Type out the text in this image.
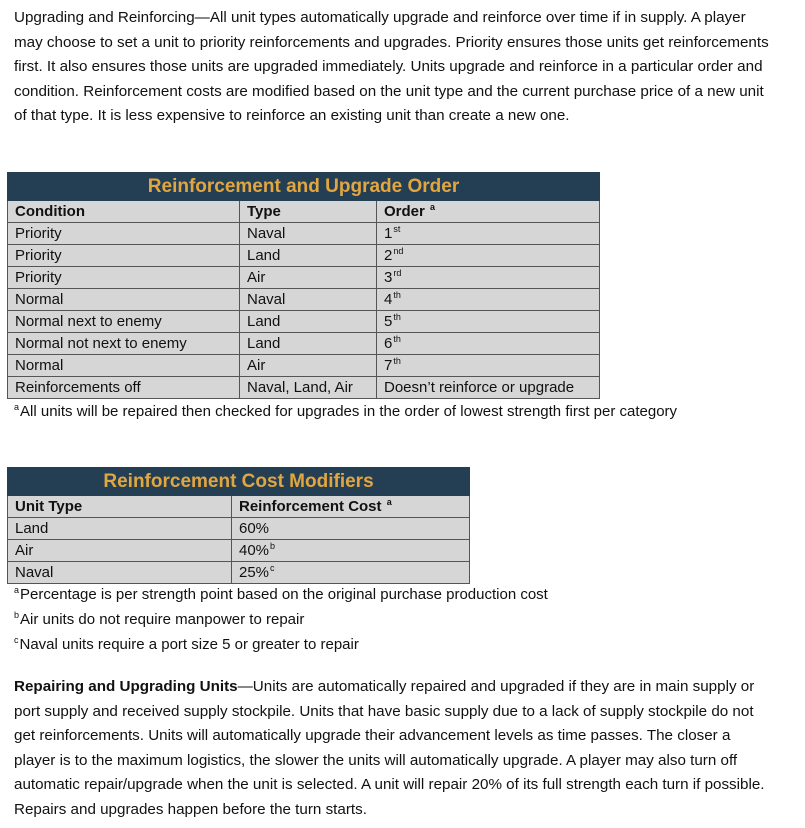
Upgrading and Reinforcing—All unit types automatically upgrade and reinforce over time if in supply. A player may choose to set a unit to priority reinforcements and upgrades. Priority ensures those units get reinforcements first. It also ensures those units are upgraded immediately. Units upgrade and reinforce in a particular order and condition. Reinforcement costs are modified based on the unit type and the current purchase price of a new unit of that type. It is less expensive to reinforce an existing unit than create a new one.

Reinforcement and Upgrade Order		
Condition	Type	Order $^a$
Priority	Naval	1st
Priority	Land	2nd
Priority	Air	3rd
Normal	Naval	4th
Normal next to enemy	Land	5th
Normal not next to enemy	Land	6th
Normal	Air	7th
Reinforcements off	Naval, Land, Air	Doesn’t reinforce or upgrade
$^a$All units will be repaired then checked for upgrades in the order of lowest strength first per category
Reinforcement Cost Modifiers	
Unit Type	Reinforcement Cost $^a$
Land	60%
Air	40%$^b$
Naval	25%$^c$
$^a$Percentage is per strength point based on the original purchase production cost
$^b$Air units do not require manpower to repair
$^c$Naval units require a port size 5 or greater to repair

Repairing and Upgrading Units—Units are automatically repaired and upgraded if they are in main supply or port supply and received supply stockpile. Units that have basic supply due to a lack of supply stockpile do not get reinforcements. Units will automatically upgrade their advancement levels as time passes. The closer a player is to the maximum logistics, the slower the units will automatically upgrade. A player may also turn off automatic repair/upgrade when the unit is selected. A unit will repair 20% of its full strength each turn if possible. Repairs and upgrades happen before the turn starts.
